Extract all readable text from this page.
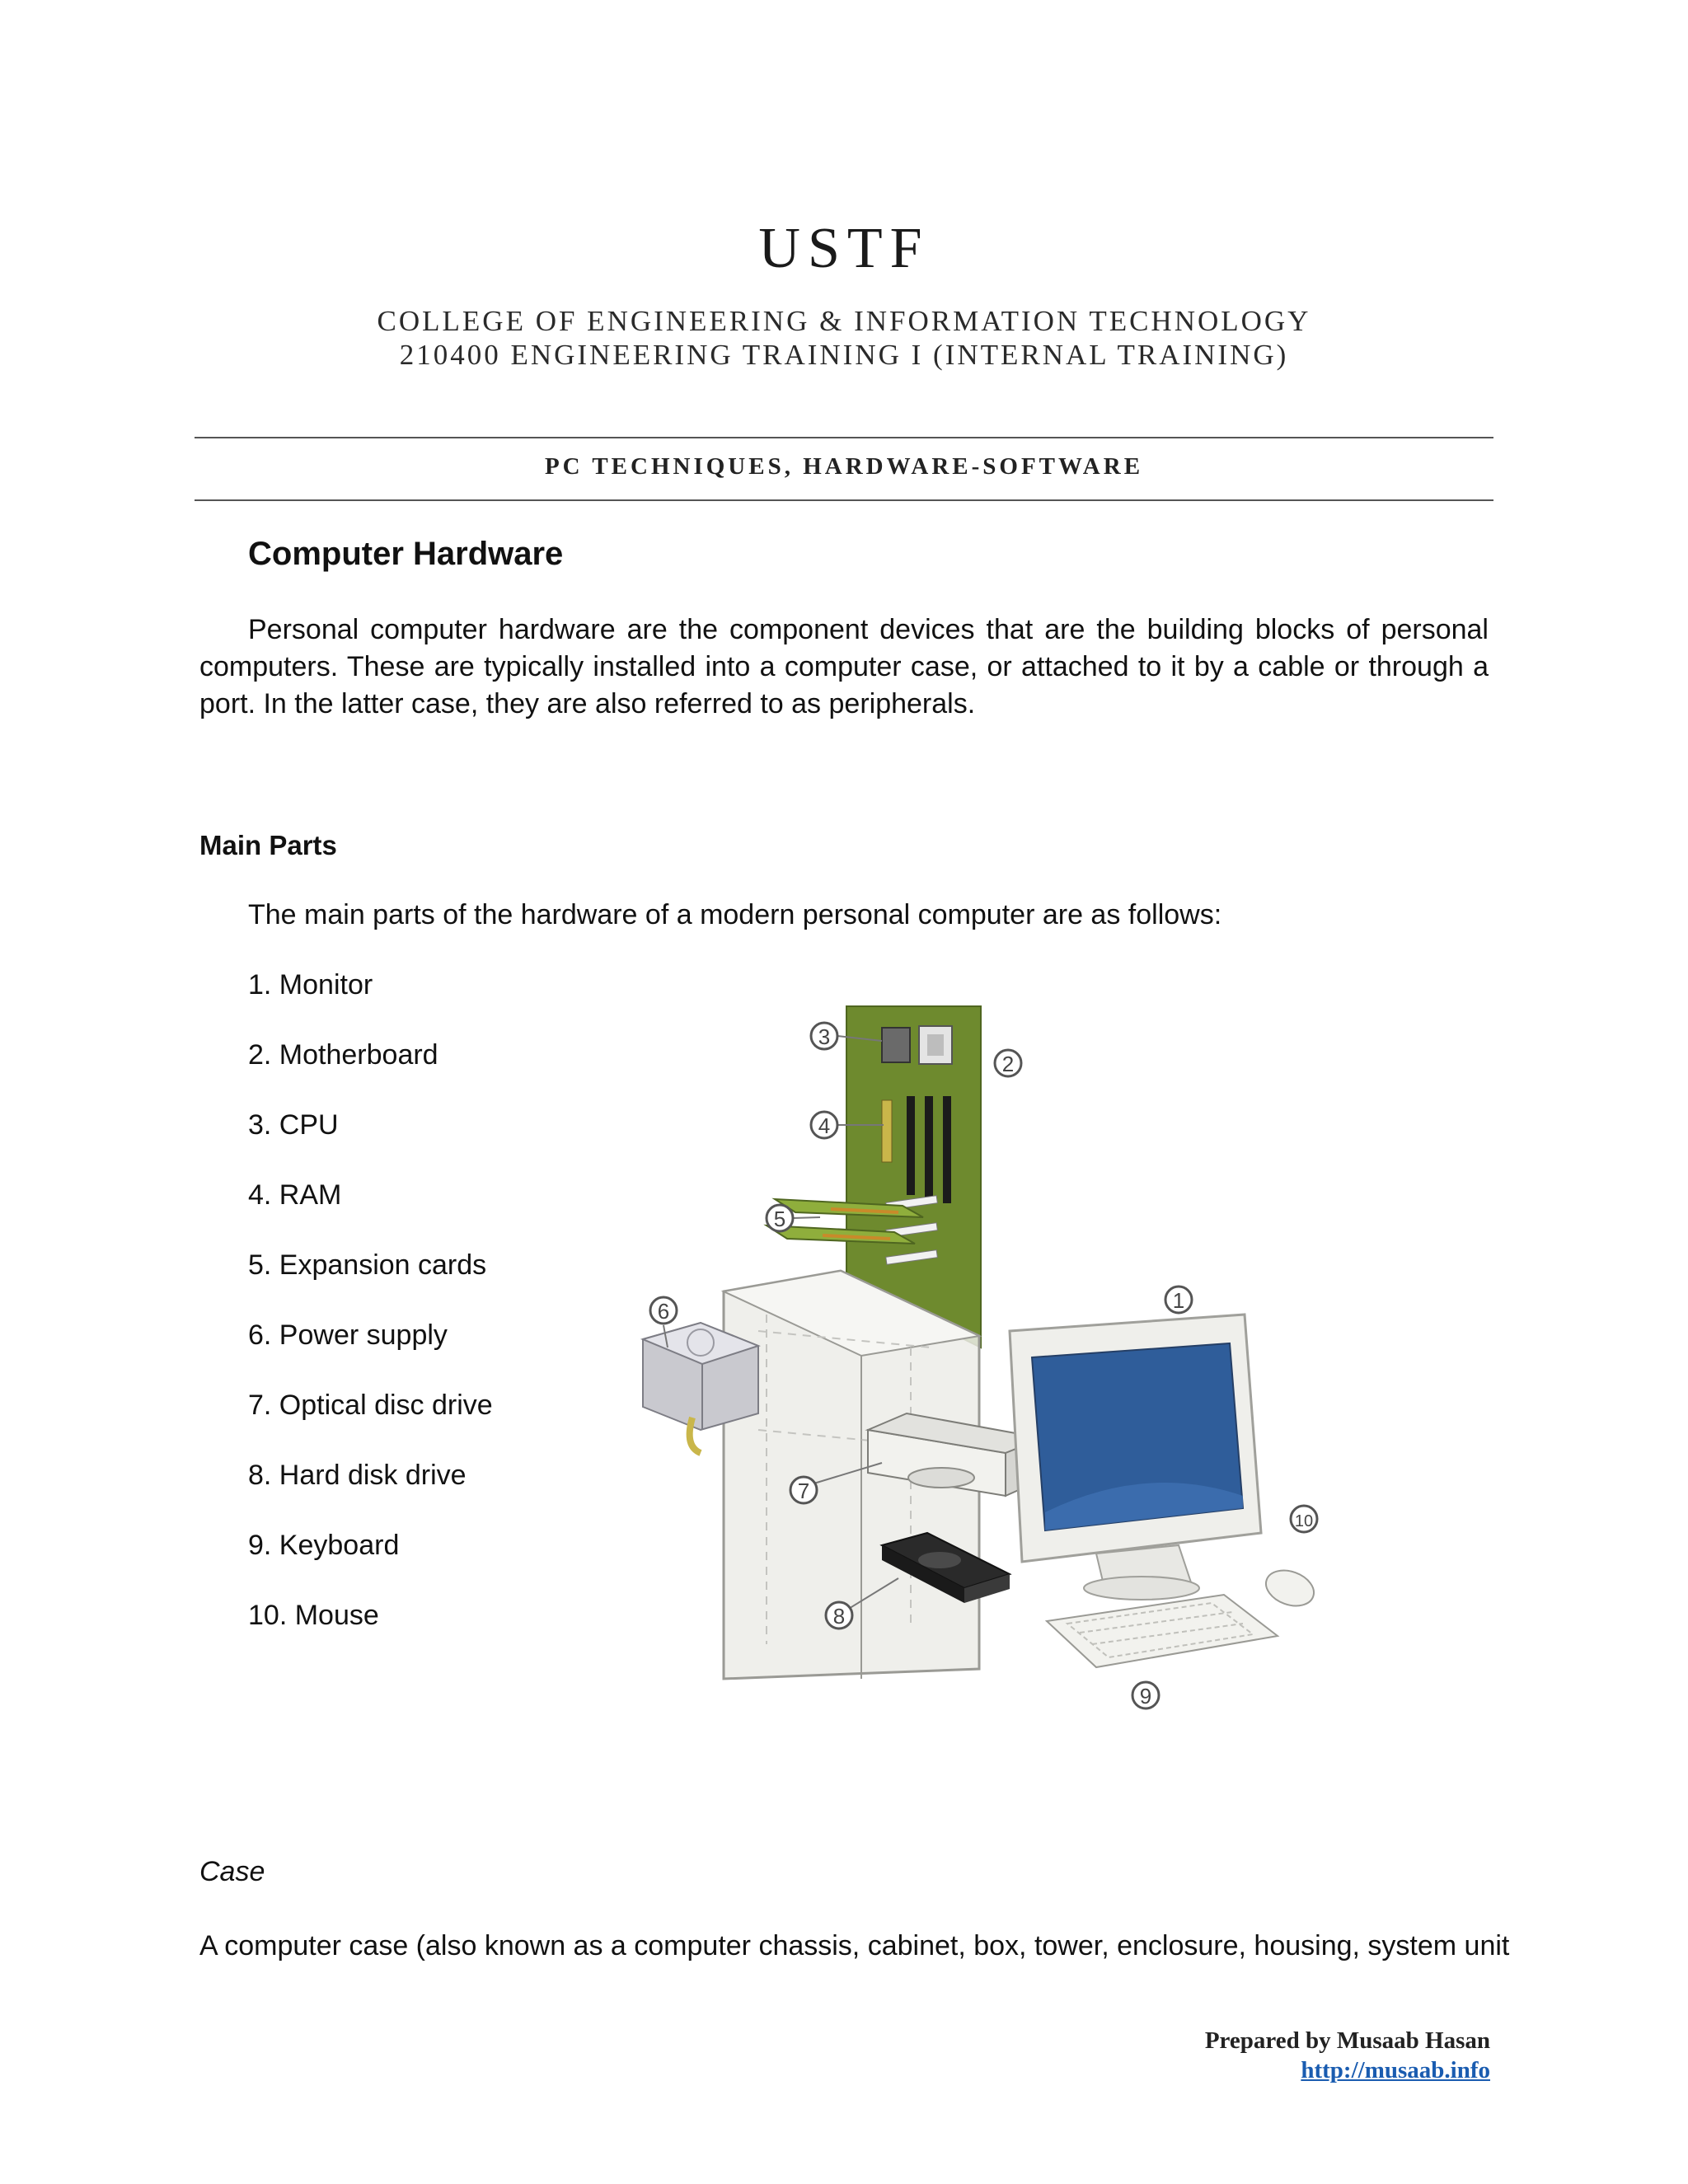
USTF
COLLEGE OF ENGINEERING & INFORMATION TECHNOLOGY
210400 ENGINEERING TRAINING I (INTERNAL TRAINING)
PC TECHNIQUES, HARDWARE-SOFTWARE
Computer Hardware
Personal computer hardware are the component devices that are the building blocks of personal computers. These are typically installed into a computer case, or attached to it by a cable or through a port. In the latter case, they are also referred to as peripherals.
Main Parts
The main parts of the hardware of a modern personal computer are as follows:
1. Monitor
2. Motherboard
3. CPU
4. RAM
5. Expansion cards
6. Power supply
7. Optical disc drive
8. Hard disk drive
9. Keyboard
10. Mouse
3
2
4
5
6	1
7
10
8
9
Case
A computer case (also known as a computer chassis, cabinet, box, tower, enclosure, housing, system unit
Prepared by Musaab Hasan
http://musaab.info
